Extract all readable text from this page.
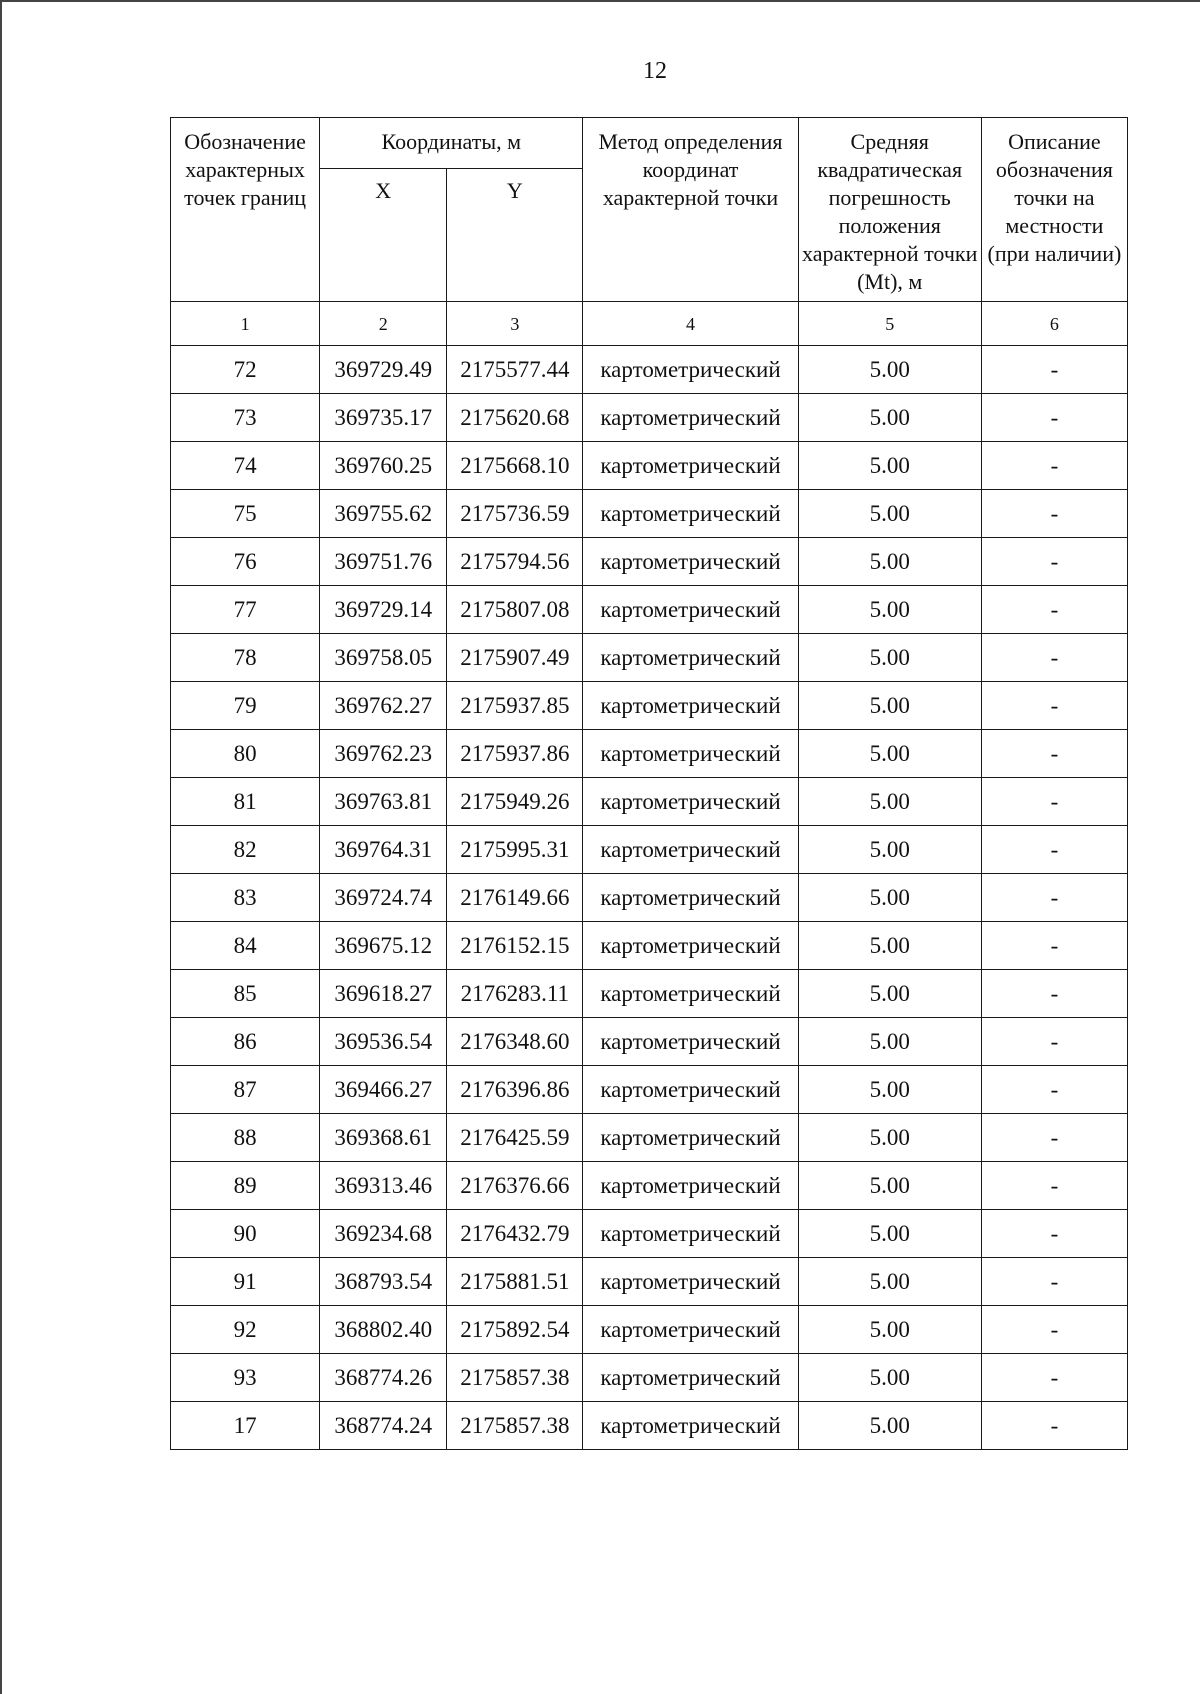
12
Обозначение характерных точек границ	Координаты, м		Метод определения координат характерной точки	Средняя квадратическая погрешность положения характерной точки (Mt), м	Описание обозначения точки на местности (при наличии)
	X	Y			
1	2	3	4	5	6
72	369729.49	2175577.44	картометрический	5.00	-
73	369735.17	2175620.68	картометрический	5.00	-
74	369760.25	2175668.10	картометрический	5.00	-
75	369755.62	2175736.59	картометрический	5.00	-
76	369751.76	2175794.56	картометрический	5.00	-
77	369729.14	2175807.08	картометрический	5.00	-
78	369758.05	2175907.49	картометрический	5.00	-
79	369762.27	2175937.85	картометрический	5.00	-
80	369762.23	2175937.86	картометрический	5.00	-
81	369763.81	2175949.26	картометрический	5.00	-
82	369764.31	2175995.31	картометрический	5.00	-
83	369724.74	2176149.66	картометрический	5.00	-
84	369675.12	2176152.15	картометрический	5.00	-
85	369618.27	2176283.11	картометрический	5.00	-
86	369536.54	2176348.60	картометрический	5.00	-
87	369466.27	2176396.86	картометрический	5.00	-
88	369368.61	2176425.59	картометрический	5.00	-
89	369313.46	2176376.66	картометрический	5.00	-
90	369234.68	2176432.79	картометрический	5.00	-
91	368793.54	2175881.51	картометрический	5.00	-
92	368802.40	2175892.54	картометрический	5.00	-
93	368774.26	2175857.38	картометрический	5.00	-
17	368774.24	2175857.38	картометрический	5.00	-
